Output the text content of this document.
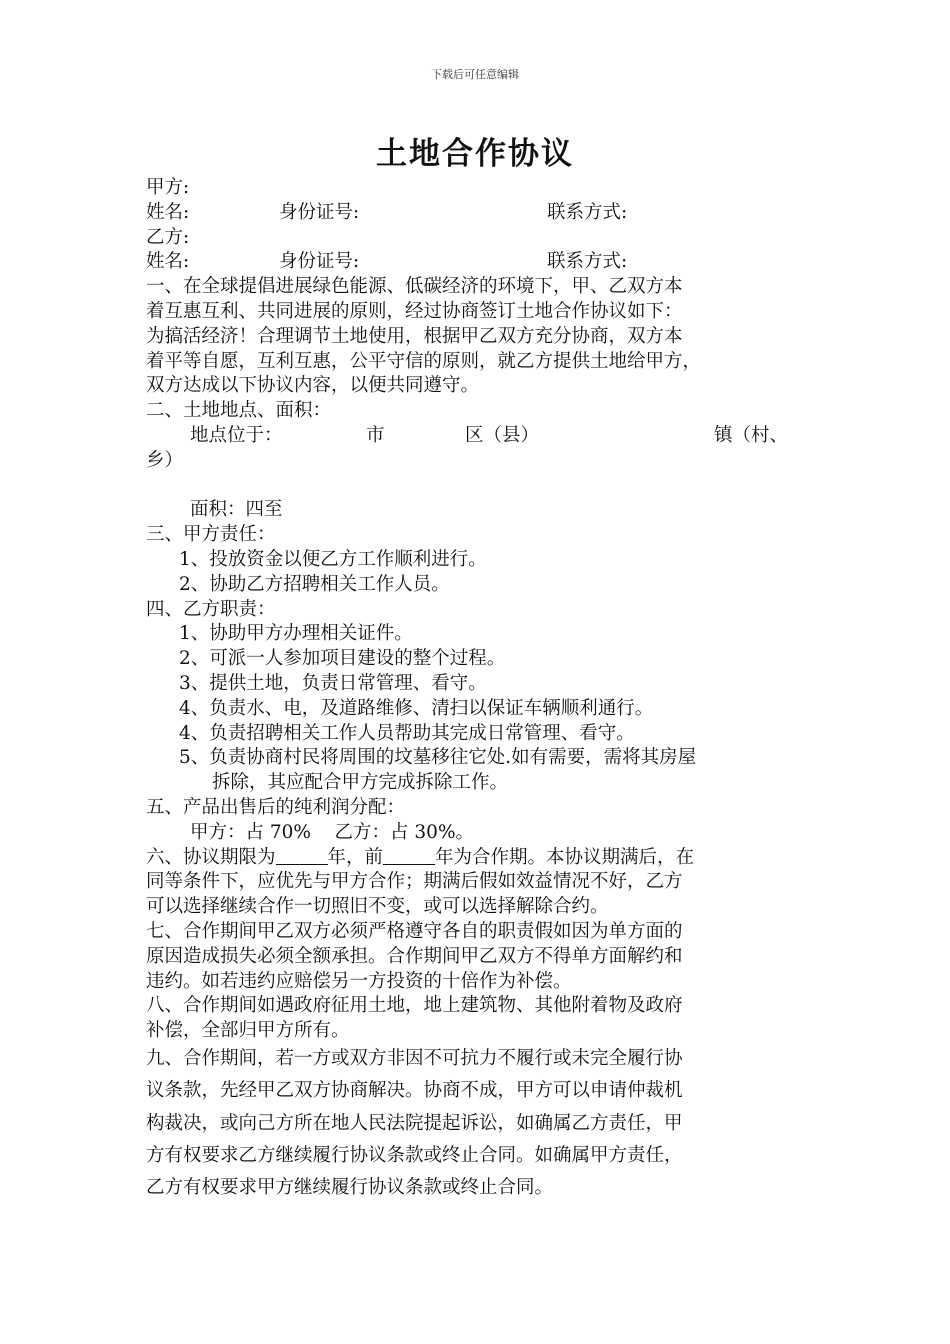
下载后可任意编辑
土地合作协议
甲方:
姓名:	身份证号:	联系方式:
乙方:
姓名:	身份证号:	联系方式:
一、在全球提倡进展绿色能源、低碳经济的环境下，甲、乙双方本
着互惠互利、共同进展的原则，经过协商签订土地合作协议如下：
为搞活经济！合理调节土地使用，根据甲乙双方充分协商，双方本
着平等自愿，互利互惠，公平守信的原则，就乙方提供土地给甲方，
双方达成以下协议内容，以便共同遵守。
二、土地地点、面积：
地点位于：	市	区（县）	镇（村、
乡）
面积：四至
三、甲方责任：
1、投放资金以便乙方工作顺利进行。
2、协助乙方招聘相关工作人员。
四、乙方职责：
1、协助甲方办理相关证件。
2、可派一人参加项目建设的整个过程。
3、提供土地，负责日常管理、看守。
4、负责水、电，及道路维修、清扫以保证车辆顺利通行。
4、负责招聘相关工作人员帮助其完成日常管理、看守。
5、负责协商村民将周围的坟墓移往它处.如有需要，需将其房屋
拆除，其应配合甲方完成拆除工作。
五、产品出售后的纯利润分配：
甲方：占 70%    乙方：占 30%。
六、协议期限为	年，前	年为合作期。本协议期满后，在
同等条件下，应优先与甲方合作；期满后假如效益情况不好，乙方
可以选择继续合作一切照旧不变，或可以选择解除合约。
七、合作期间甲乙双方必须严格遵守各自的职责假如因为单方面的
原因造成损失必须全额承担。合作期间甲乙双方不得单方面解约和
违约。如若违约应赔偿另一方投资的十倍作为补偿。
八、合作期间如遇政府征用土地，地上建筑物、其他附着物及政府
补偿，全部归甲方所有。
九、合作期间，若一方或双方非因不可抗力不履行或未完全履行协
议条款，先经甲乙双方协商解决。协商不成，甲方可以申请仲裁机
构裁决，或向己方所在地人民法院提起诉讼，如确属乙方责任，甲
方有权要求乙方继续履行协议条款或终止合同。如确属甲方责任，
乙方有权要求甲方继续履行协议条款或终止合同。
